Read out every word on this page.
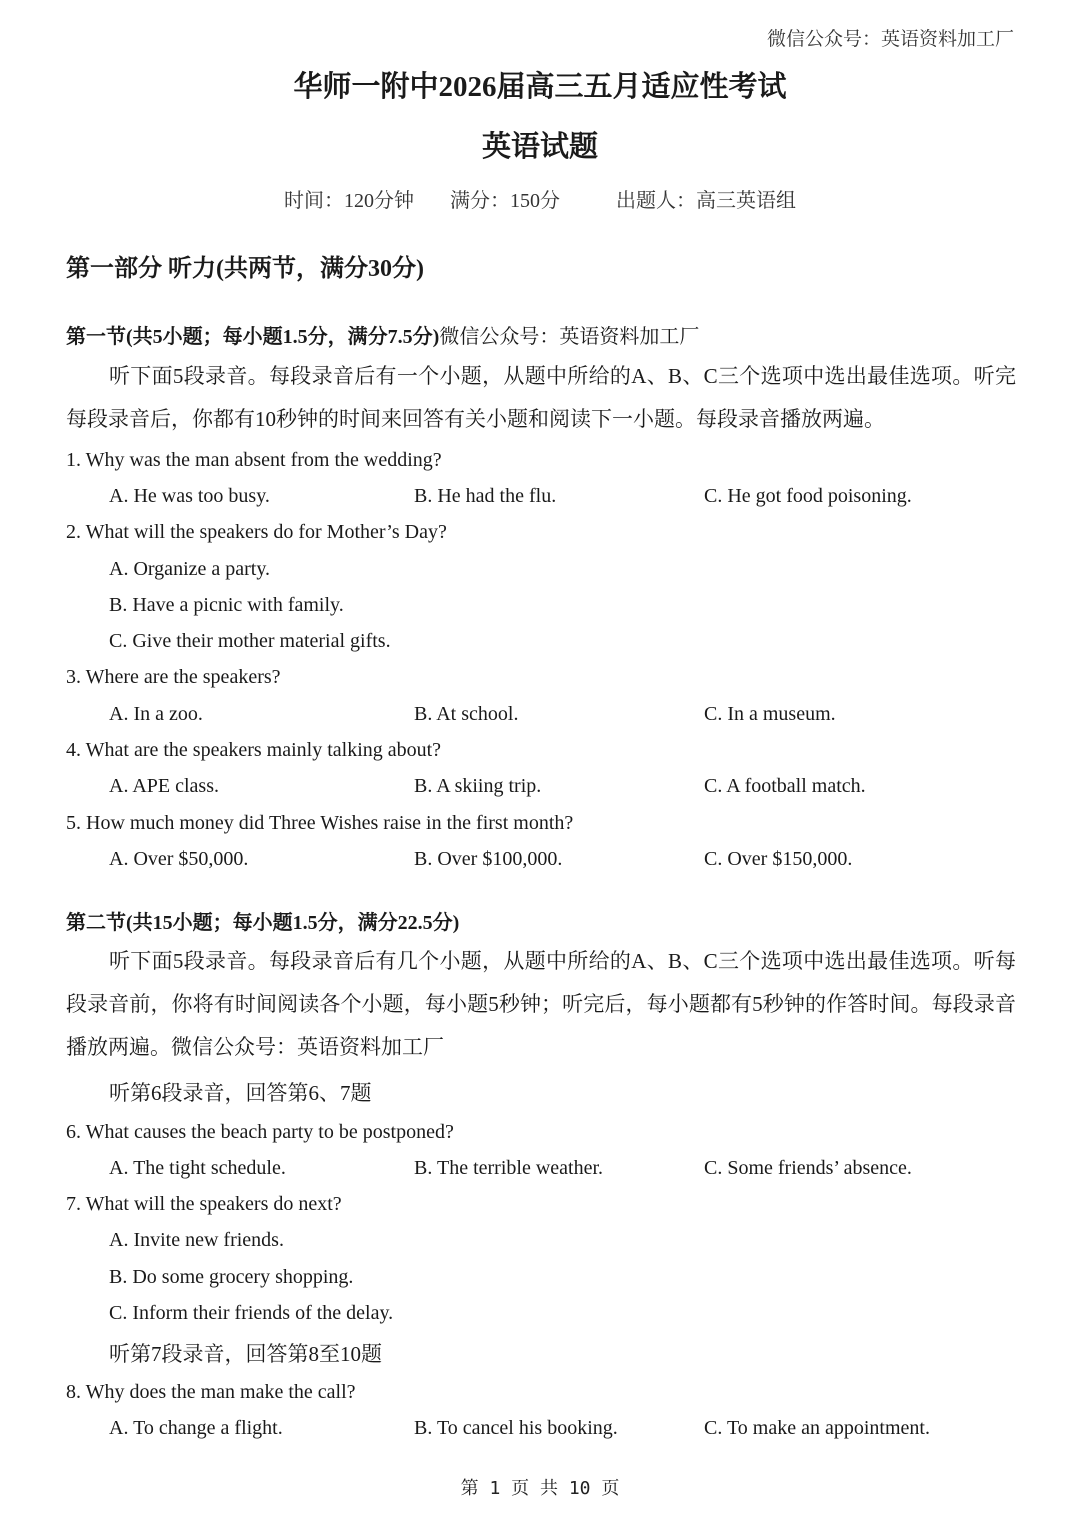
微信公众号：英语资料加工厂
华师一附中2026届高三五月适应性考试
英语试题
时间：120分钟 满分：150分	出题人：高三英语组
第一部分 听力(共两节，满分30分)
第一节(共5小题；每小题1.5分，满分7.5分)微信公众号：英语资料加工厂
听下面5段录音。每段录音后有一个小题，从题中所给的A、B、C三个选项中选出最佳选项。听完每段录音后，你都有10秒钟的时间来回答有关小题和阅读下一小题。每段录音播放两遍。
1. Why was the man absent from the wedding?
A. He was too busy.	B. He had the flu.	C. He got food poisoning.
2. What will the speakers do for Mother’s Day?
A. Organize a party.
B. Have a picnic with family.
C. Give their mother material gifts.
3. Where are the speakers?
A. In a zoo.	B. At school.	C. In a museum.
4. What are the speakers mainly talking about?
A. APE class.	B. A skiing trip.	C. A football match.
5. How much money did Three Wishes raise in the first month?
A. Over $50,000.	B. Over $100,000.	C. Over $150,000.
第二节(共15小题；每小题1.5分，满分22.5分)
听下面5段录音。每段录音后有几个小题，从题中所给的A、B、C三个选项中选出最佳选项。听每段录音前，你将有时间阅读各个小题，每小题5秒钟；听完后，每小题都有5秒钟的作答时间。每段录音播放两遍。微信公众号：英语资料加工厂
听第6段录音，回答第6、7题
6. What causes the beach party to be postponed?
A. The tight schedule.	B. The terrible weather.	C. Some friends’ absence.
7. What will the speakers do next?
A. Invite new friends.
B. Do some grocery shopping.
C. Inform their friends of the delay.
听第7段录音，回答第8至10题
8. Why does the man make the call?
A. To change a flight.	B. To cancel his booking.	C. To make an appointment.
第 1 页 共 10 页
